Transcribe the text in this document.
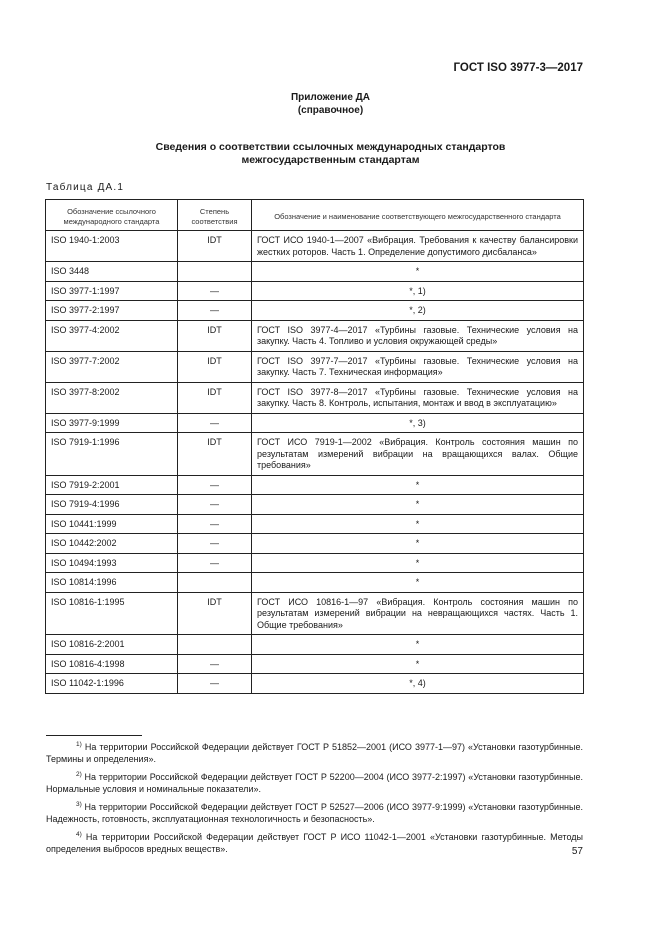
ГОСТ ISO 3977-3—2017
Приложение ДА
(справочное)
Сведения о соответствии ссылочных международных стандартов
межгосударственным стандартам
Таблица ДА.1
Обозначение ссылочного международного стандарта	Степень соответствия	Обозначение и наименование соответствующего межгосударственного стандарта
ISO 1940-1:2003	IDT	ГОСТ ИСО 1940-1—2007 «Вибрация. Требования к качеству балансировки жестких роторов. Часть 1. Определение допустимого дисбаланса»
ISO 3448		*
ISO 3977-1:1997	—	*, 1)
ISO 3977-2:1997	—	*, 2)
ISO 3977-4:2002	IDT	ГОСТ ISO 3977-4—2017 «Турбины газовые. Технические условия на закупку. Часть 4. Топливо и условия окружающей среды»
ISO 3977-7:2002	IDT	ГОСТ ISO 3977-7—2017 «Турбины газовые. Технические условия на закупку. Часть 7. Техническая информация»
ISO 3977-8:2002	IDT	ГОСТ ISO 3977-8—2017 «Турбины газовые. Технические условия на закупку. Часть 8. Контроль, испытания, монтаж и ввод в эксплуатацию»
ISO 3977-9:1999	—	*, 3)
ISO 7919-1:1996	IDT	ГОСТ ИСО 7919-1—2002 «Вибрация. Контроль состояния машин по результатам измерений вибрации на вращающихся валах. Общие требования»
ISO 7919-2:2001	—	*
ISO 7919-4:1996	—	*
ISO 10441:1999	—	*
ISO 10442:2002	—	*
ISO 10494:1993	—	*
ISO 10814:1996		*
ISO 10816-1:1995	IDT	ГОСТ ИСО 10816-1—97 «Вибрация. Контроль состояния машин по результатам измерений вибрации на невращающихся частях. Часть 1. Общие требования»
ISO 10816-2:2001		*
ISO 10816-4:1998	—	*
ISO 11042-1:1996	—	*, 4)
$^{1)}$ На территории Российской Федерации действует ГОСТ Р 51852—2001 (ИСО 3977-1—97) «Установки газотурбинные. Термины и определения».
$^{2)}$ На территории Российской Федерации действует ГОСТ Р 52200—2004 (ИСО 3977-2:1997) «Установки газотурбинные. Нормальные условия и номинальные показатели».
$^{3)}$ На территории Российской Федерации действует ГОСТ Р 52527—2006 (ИСО 3977-9:1999) «Установки газотурбинные. Надежность, готовность, эксплуатационная технологичность и безопасность».
$^{4)}$ На территории Российской Федерации действует ГОСТ Р ИСО 11042-1—2001 «Установки газотурбинные. Методы определения выбросов вредных веществ».	57
